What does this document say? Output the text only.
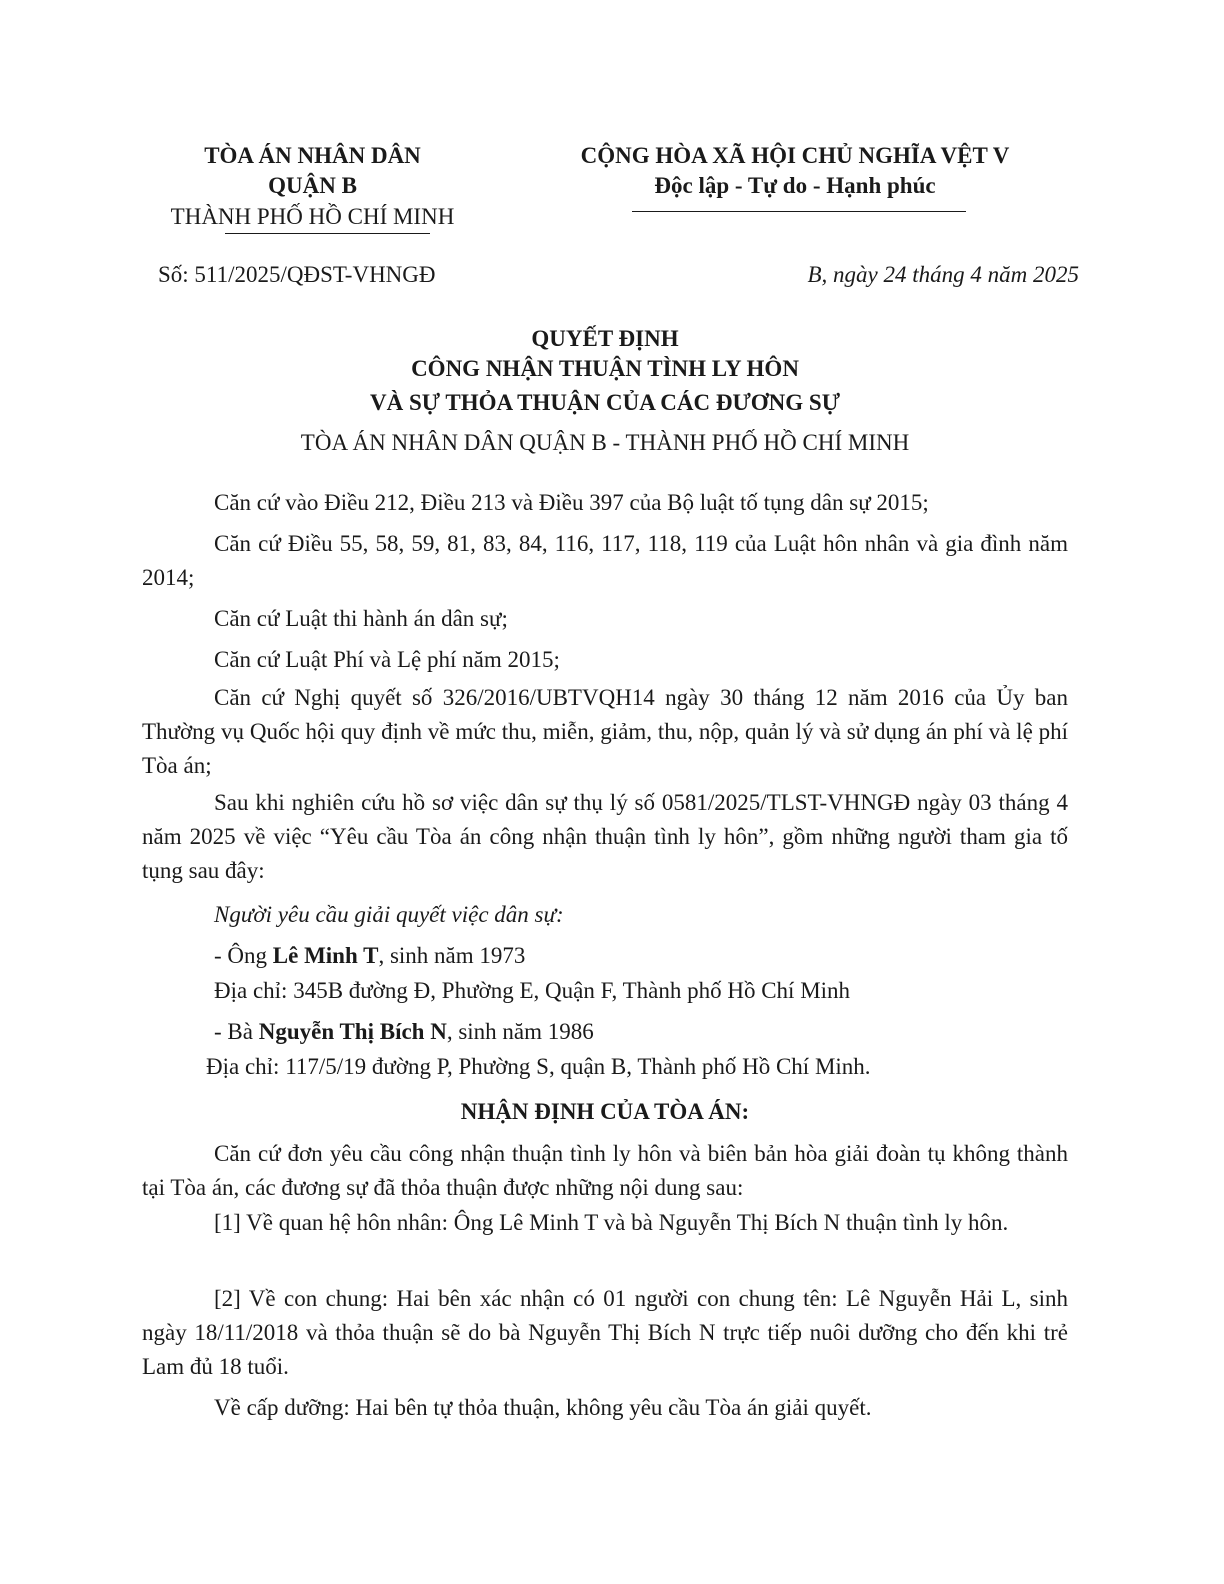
TÒA ÁN NHÂN DÂN
QUẬN B
THÀNH PHỐ HỒ CHÍ MINH
CỘNG HÒA XÃ HỘI CHỦ NGHĨA VỆT V
Độc lập - Tự do - Hạnh phúc
Số: 511/2025/QĐST-VHNGĐ	B, ngày 24 tháng 4 năm 2025
QUYẾT ĐỊNH
CÔNG NHẬN THUẬN TÌNH LY HÔN
VÀ SỰ THỎA THUẬN CỦA CÁC ĐƯƠNG SỰ
TÒA ÁN NHÂN DÂN QUẬN B - THÀNH PHỐ HỒ CHÍ MINH
Căn cứ vào Điều 212, Điều 213 và Điều 397 của Bộ luật tố tụng dân sự 2015;
Căn cứ Điều 55, 58, 59, 81, 83, 84, 116, 117, 118, 119 của Luật hôn nhân và gia đình năm 2014;
Căn cứ Luật thi hành án dân sự;
Căn cứ Luật Phí và Lệ phí năm 2015;
Căn cứ Nghị quyết số 326/2016/UBTVQH14 ngày 30 tháng 12 năm 2016 của Ủy ban Thường vụ Quốc hội quy định về mức thu, miễn, giảm, thu, nộp, quản lý và sử dụng án phí và lệ phí Tòa án;
Sau khi nghiên cứu hồ sơ việc dân sự thụ lý số 0581/2025/TLST-VHNGĐ ngày 03 tháng 4 năm 2025 về việc “Yêu cầu Tòa án công nhận thuận tình ly hôn”, gồm những người tham gia tố tụng sau đây:
Người yêu cầu giải quyết việc dân sự:
- Ông Lê Minh T, sinh năm 1973
Địa chỉ: 345B đường Đ, Phường E, Quận F, Thành phố Hồ Chí Minh
- Bà Nguyễn Thị Bích N, sinh năm 1986
Địa chỉ: 117/5/19 đường P, Phường S, quận B, Thành phố Hồ Chí Minh.
NHẬN ĐỊNH CỦA TÒA ÁN:
Căn cứ đơn yêu cầu công nhận thuận tình ly hôn và biên bản hòa giải đoàn tụ không thành tại Tòa án, các đương sự đã thỏa thuận được những nội dung sau:
[1] Về quan hệ hôn nhân: Ông Lê Minh T và bà Nguyễn Thị Bích N thuận tình ly hôn.
[2] Về con chung: Hai bên xác nhận có 01 người con chung tên: Lê Nguyễn Hải L, sinh ngày 18/11/2018 và thỏa thuận sẽ do bà Nguyễn Thị Bích N trực tiếp nuôi dưỡng cho đến khi trẻ Lam đủ 18 tuổi.
Về cấp dưỡng: Hai bên tự thỏa thuận, không yêu cầu Tòa án giải quyết.
